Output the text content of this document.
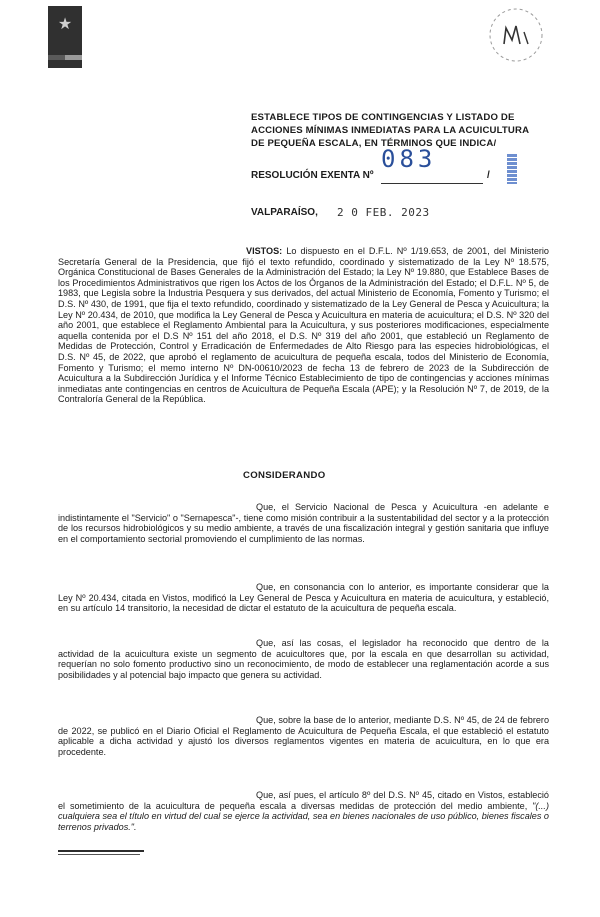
★
ESTABLECE TIPOS DE CONTINGENCIAS Y LISTADO DE
ACCIONES MÍNIMAS INMEDIATAS PARA LA ACUICULTURA
DE PEQUEÑA ESCALA, EN TÉRMINOS QUE INDICA/
RESOLUCIÓN EXENTA Nº
083
/
VALPARAÍSO, 2 0 FEB. 2023
VISTOS: Lo dispuesto en el D.F.L. Nº 1/19.653, de 2001, del Ministerio Secretaría General de la Presidencia, que fijó el texto refundido, coordinado y sistematizado de la Ley Nº 18.575, Orgánica Constitucional de Bases Generales de la Administración del Estado; la Ley Nº 19.880, que Establece Bases de los Procedimientos Administrativos que rigen los Actos de los Órganos de la Administración del Estado; el D.F.L. Nº 5, de 1983, que Legisla sobre la Industria Pesquera y sus derivados, del actual Ministerio de Economía, Fomento y Turismo; el D.S. Nº 430, de 1991, que fija el texto refundido, coordinado y sistematizado de la Ley General de Pesca y Acuicultura; la Ley Nº 20.434, de 2010, que modifica la Ley General de Pesca y Acuicultura en materia de acuicultura; el D.S. Nº 320 del año 2001, que establece el Reglamento Ambiental para la Acuicultura, y sus posteriores modificaciones, especialmente aquella contenida por el D.S Nº 151 del año 2018, el D.S. Nº 319 del año 2001, que estableció un Reglamento de Medidas de Protección, Control y Erradicación de Enfermedades de Alto Riesgo para las especies hidrobiológicas, el D.S. Nº 45, de 2022, que aprobó el reglamento de acuicultura de pequeña escala, todos del Ministerio de Economía, Fomento y Turismo; el memo interno Nº DN-00610/2023 de fecha 13 de febrero de 2023 de la Subdirección de Acuicultura a la Subdirección Jurídica y el Informe Técnico Establecimiento de tipo de contingencias y acciones mínimas inmediatas ante contingencias en centros de Acuicultura de Pequeña Escala (APE); y la Resolución Nº 7, de 2019, de la Contraloría General de la República.
CONSIDERANDO
Que, el Servicio Nacional de Pesca y Acuicultura -en adelante e indistintamente el "Servicio" o "Sernapesca"-, tiene como misión contribuir a la sustentabilidad del sector y a la protección de los recursos hidrobiológicos y su medio ambiente, a través de una fiscalización integral y gestión sanitaria que influye en el comportamiento sectorial promoviendo el cumplimiento de las normas.
Que, en consonancia con lo anterior, es importante considerar que la Ley Nº 20.434, citada en Vistos, modificó la Ley General de Pesca y Acuicultura en materia de acuicultura, y estableció, en su artículo 14 transitorio, la necesidad de dictar el estatuto de la acuicultura de pequeña escala.
Que, así las cosas, el legislador ha reconocido que dentro de la actividad de la acuicultura existe un segmento de acuicultores que, por la escala en que desarrollan su actividad, requerían no solo fomento productivo sino un reconocimiento, de modo de establecer una reglamentación acorde a sus posibilidades y al potencial bajo impacto que genera su actividad.
Que, sobre la base de lo anterior, mediante D.S. Nº 45, de 24 de febrero de 2022, se publicó en el Diario Oficial el Reglamento de Acuicultura de Pequeña Escala, el que estableció el estatuto aplicable a dicha actividad y ajustó los diversos reglamentos vigentes en materia de acuicultura, en lo que era procedente.
Que, así pues, el artículo 8º del D.S. Nº 45, citado en Vistos, estableció el sometimiento de la acuicultura de pequeña escala a diversas medidas de protección del medio ambiente, "(...) cualquiera sea el título en virtud del cual se ejerce la actividad, sea en bienes nacionales de uso público, bienes fiscales o terrenos privados.".
